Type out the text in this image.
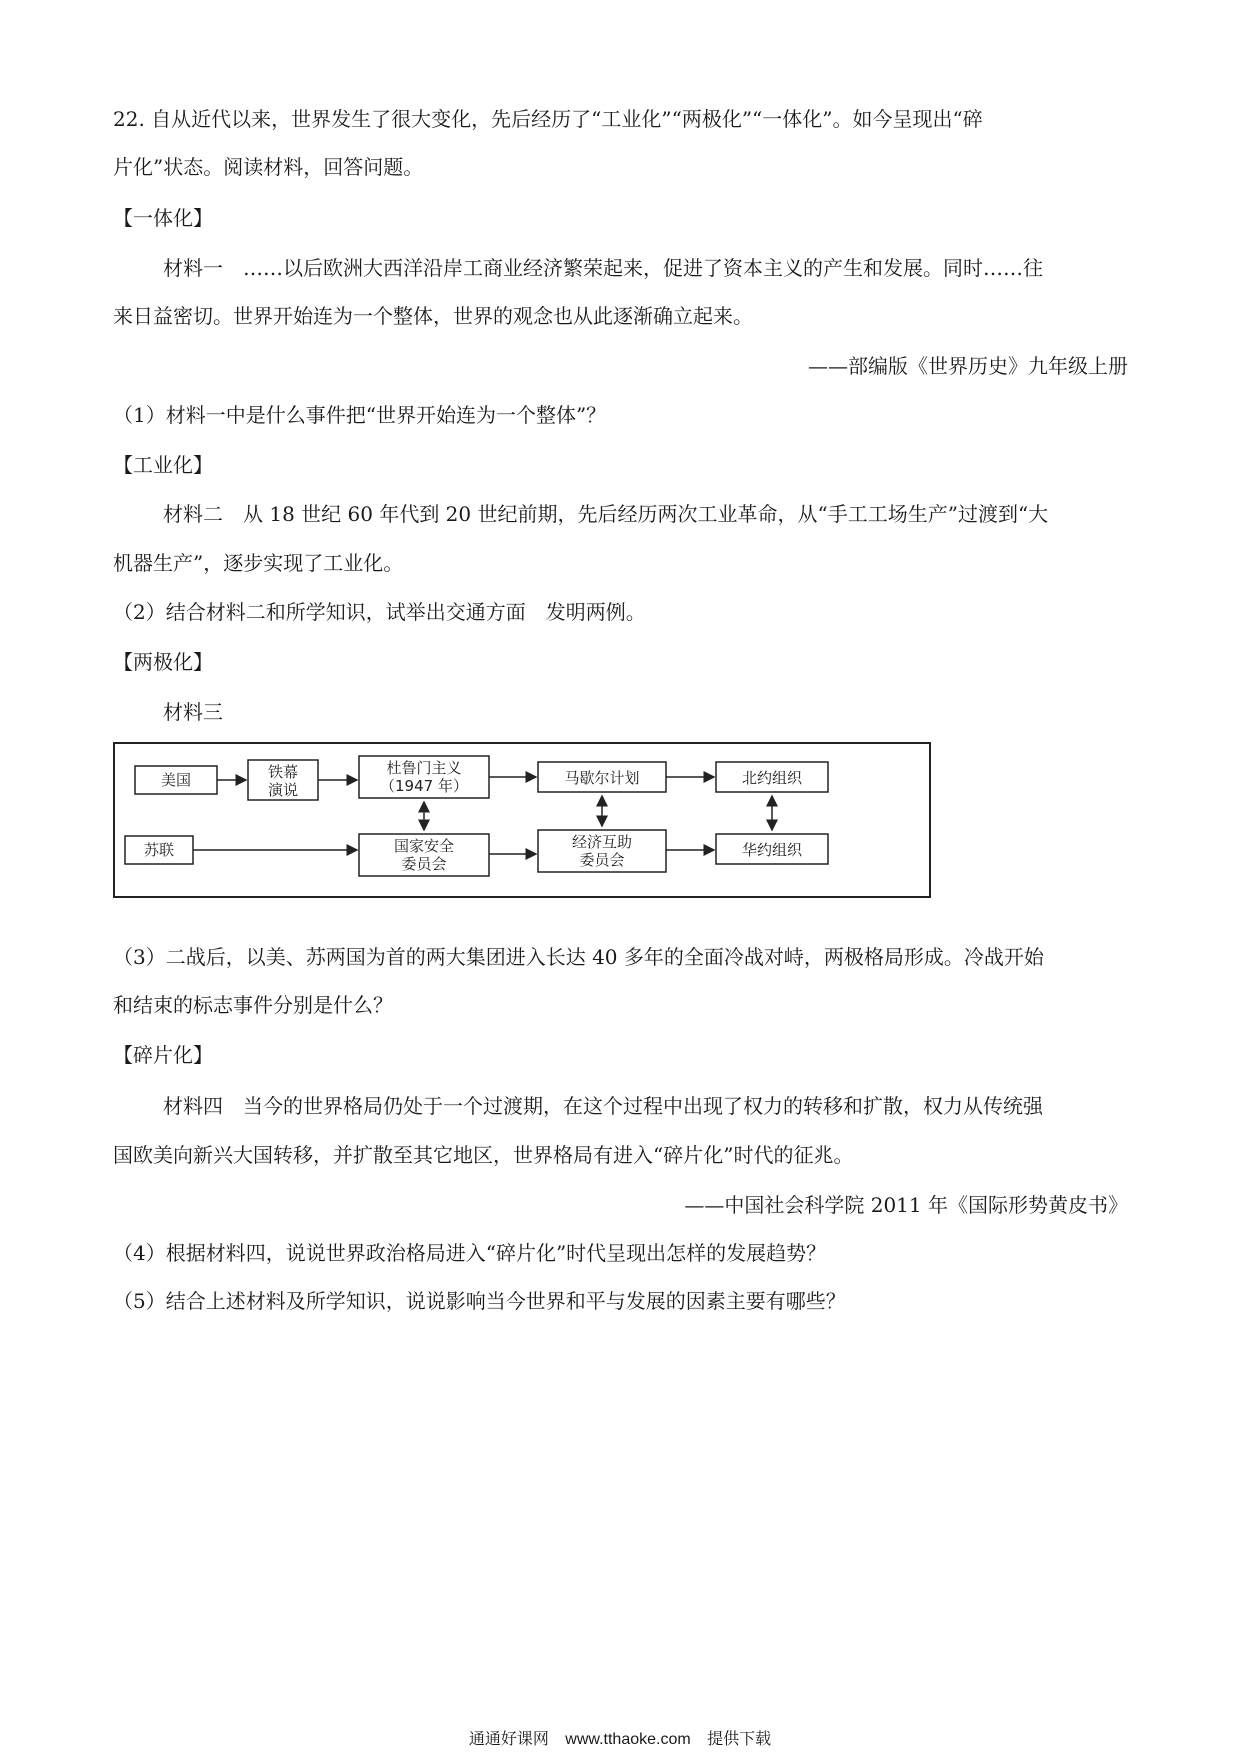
22. 自从近代以来，世界发生了很大变化，先后经历了“工业化”“两极化”“一体化”。如今呈现出“碎
片化”状态。阅读材料，回答问题。
【一体化】
材料一　……以后欧洲大西洋沿岸工商业经济繁荣起来，促进了资本主义的产生和发展。同时……往
来日益密切。世界开始连为一个整体，世界的观念也从此逐渐确立起来。
——部编版《世界历史》九年级上册
（1）材料一中是什么事件把“世界开始连为一个整体”？
【工业化】
材料二　从 18 世纪 60 年代到 20 世纪前期，先后经历两次工业革命，从“手工工场生产”过渡到“大
机器生产”，逐步实现了工业化。
（2）结合材料二和所学知识，试举出交通方面　发明两例。
【两极化】
材料三
美国	铁幕
演说
杜鲁门主义
（1947 年）	马歇尔计划	北约组织
苏联	国家安全
委员会
经济互助
委员会
华约组织
（3）二战后，以美、苏两国为首的两大集团进入长达 40 多年的全面冷战对峙，两极格局形成。冷战开始
和结束的标志事件分别是什么？
【碎片化】
材料四　当今的世界格局仍处于一个过渡期，在这个过程中出现了权力的转移和扩散，权力从传统强
国欧美向新兴大国转移，并扩散至其它地区，世界格局有进入“碎片化”时代的征兆。
——中国社会科学院 2011 年《国际形势黄皮书》
（4）根据材料四，说说世界政治格局进入“碎片化”时代呈现出怎样的发展趋势？
（5）结合上述材料及所学知识，说说影响当今世界和平与发展的因素主要有哪些？
通通好课网 www.tthaoke.com 提供下载
